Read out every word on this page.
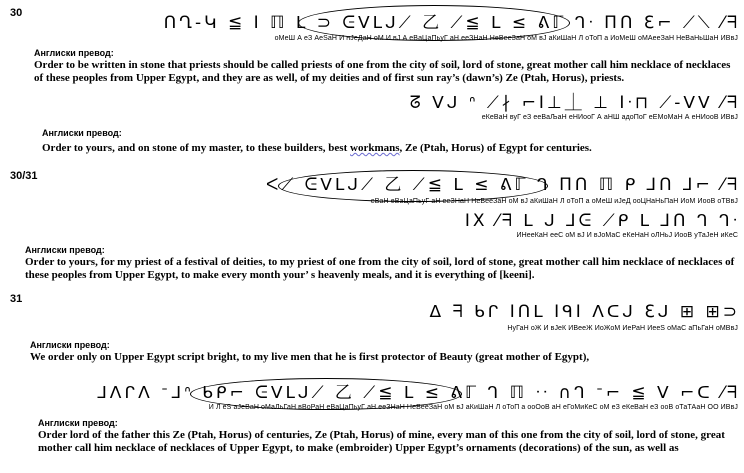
30	ՈՂ-Կ ≦ Ⅰ ℿ ᒪ ⊃ ᕮᐯᒪᒍ⟋ 乙 ⟋≦ ᒪ ≤ ᕕℾ ᒉᐧ ΠՈ ℇ⌐ ⟋⟍ ⁄ᖷ
оМеШ А еЗ АеЅаН И нЈеДаН оМ И вЈ А еВаЦаПьуГ аН ееЗНаН НеВееЗаН оМ вЈ аКиШаН Л оТоП а ИоМеШ оМАееЗаН НеВаНьШаН ИВвЈ
Англиски превод:
Order to be written in stone that priests should be called priests of one from the city of soil, lord of stone, great mother call him necklace of necklaces of these peoples from Upper Egypt, and they are as well, of my deities and of first sun ray’s (dawn’s) Ze (Ptah, Horus), priests.
ᘔ ᐯᒍ ᐢ ⟋∤ ⌐Ⅰ⊥⏊ ⊥ Ⅰᐧ⊓ ⟋-ᐯᐯ ⁄ᖷ
еКеВаН вуГ еЗ ееВаЉаН еНИооГ А аНШ адоПоГ еЕМоМаН А еНИооВ ИВвЈ
Англиски превод:
Order to yours, and on stone of my master, to these builders, best workmans, Ze (Ptah, Horus) of Egypt for centuries.
30/31	ᐸ⟋ ᕮᐯᒪᒍ⟋ 乙 ⟋≦ ᒪ ≤ ᕕℾ ᒉ ΠՈ ℿ ᑭ ⅃Ո ⅃⌐ ⁄ᖷ
еВаН еВаЦаПьуГ аН ееЗНаН НеВееЗаН оМ вЈ аКиШаН Л оТоП а оМеШ иЈеД ооЦНаНьПаН ИоМ ИооВ оТВвЈ
ⅠⅩ ⁄ᖷ ᒪ ᒍ ⅃ᕮ ⟋ᑭ ᒪ ⅃Ո ᒉ ᒉᐧ
ИНееКаН ееС оМ вЈ И вЈоМаС еКеНаН оЛНьЈ ИооВ уТаЈеН иКеС
Англиски превод:
Order to yours, for my priest of a festival of deities, to my priest of one from the city of soil, lord of stone, great mother call him necklace of necklaces of these peoples from Upper Egypt, to make every month your’ s heavenly meals, and it is everything of [keeni].
31
ᐃ ᖷ ᑲᒋ ⅠՈᒪ ⅠᑫⅠ ᐱᑕᒍ ℇᒍ ⊞ ⊞⊃
НуГаН оЖ И вЈеК ИВееЖ ИоЖоМ ИеРаН ИееЅ оМаС аПьГаН оМВвЈ
Англиски превод:
We order only on Upper Egypt script bright, to my live men that he is first protector of Beauty (great mother of Egypt),
ᒧᐱᒋᐱ ᐨᒧᐢ ᑲᑭ⌐ ᕮᐯᒪᒍ⟋ 乙 ⟋≦ ᒪ ≤ ᕕℾ ᒉ ℿ ᐧᐧ ∩ᒉ ᐨ⌐ ≦ ᐯ ⌐ᑕ ⁄ᖷ
И Л еЅ аЈеВаН оМаЛьГаН вВоРаН еВаЦаПьуГ аН ееЗНаН НеВееЗаН оМ вЈ аКиШаН Л оТоП а ооОоВ аН еГоМиКеС оМ еЗ еКеВаН еЗ ооВ оТаТАаН ОО ИВвЈ
Англиски превод:
Order lord of the father this Ze (Ptah, Horus) of centuries, Ze (Ptah, Horus) of mine, every man of this one from the city of soil, lord of stone, great mother call him necklace of necklaces of Upper Egypt, to make (embroider) Upper Egypt’s ornaments (decorations) of the sun, as well as
